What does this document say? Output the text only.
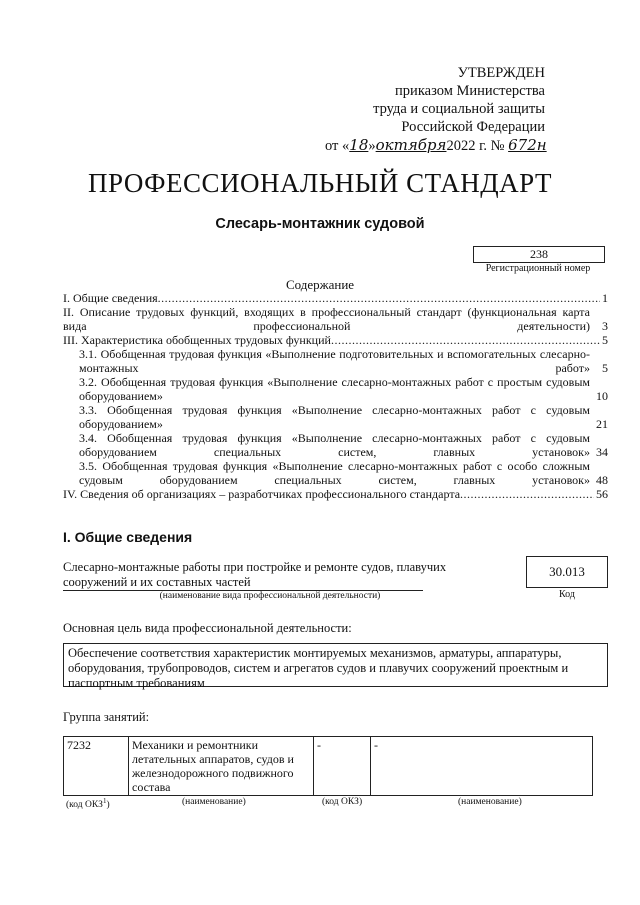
УТВЕРЖДЕН
приказом Министерства
труда и социальной защиты
Российской Федерации
от «18»октября2022 г. № 672н
ПРОФЕССИОНАЛЬНЫЙ СТАНДАРТ
Слесарь-монтажник судовой
238
Регистрационный номер
Содержание
I. Общие сведения .....	1
II. Описание трудовых функций, входящих в профессиональный стандарт (функциональная карта вида профессиональной деятельности)	3
III. Характеристика обобщенных трудовых функций .....	5
3.1. Обобщенная трудовая функция «Выполнение подготовительных и вспомогательных слесарно-монтажных работ»	5
3.2. Обобщенная трудовая функция «Выполнение слесарно-монтажных работ с простым судовым оборудованием»	10
3.3. Обобщенная трудовая функция «Выполнение слесарно-монтажных работ с судовым оборудованием»	21
3.4. Обобщенная трудовая функция «Выполнение слесарно-монтажных работ с судовым оборудованием специальных систем, главных установок» 34
3.5. Обобщенная трудовая функция «Выполнение слесарно-монтажных работ с особо сложным судовым оборудованием специальных систем, главных установок» 48
IV. Сведения об организациях – разработчиках профессионального стандарта .....	56
I. Общие сведения
Слесарно-монтажные работы при постройке и ремонте судов, плавучих сооружений и их составных частей
(наименование вида профессиональной деятельности)
30.013
Код
Основная цель вида профессиональной деятельности:
Обеспечение соответствия характеристик монтируемых механизмов, арматуры, аппаратуры, оборудования, трубопроводов, систем и агрегатов судов и плавучих сооружений проектным и паспортным требованиям
Группа занятий:
7232	Механики и ремонтники летательных аппаратов, судов и железнодорожного подвижного состава	-	-
(код ОКЗ$^1$)	(наименование)	(код ОКЗ)	(наименование)
